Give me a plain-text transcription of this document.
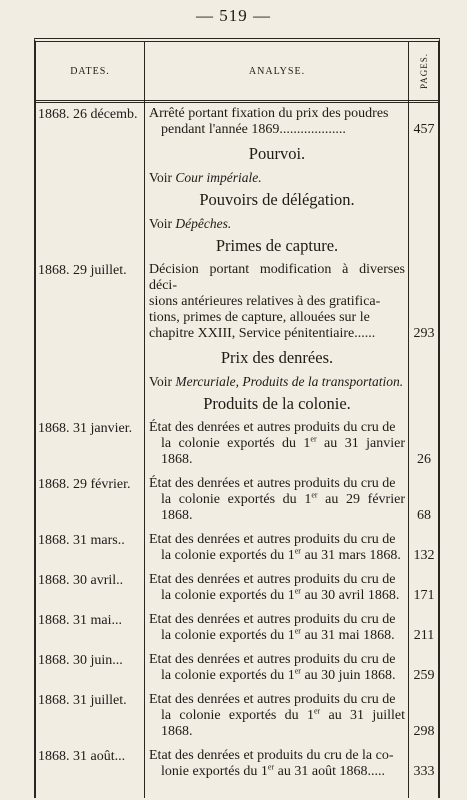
— 519 —
DATES.	ANALYSE.	PAGES.
1868. 26 décemb. Arrêté portant fixation du prix des poudres
pendant l'année 1869...................	457
Pourvoi.
Voir Cour impériale.
Pouvoirs de délégation.
Voir Dépêches.
Primes de capture.
1868. 29 juillet.	Décision portant modification à diverses déci-
sions antérieures relatives à des gratifica-
tions, primes de capture, allouées sur le
chapitre XXIII, Service pénitentiaire......	293
Prix des denrées.
Voir Mercuriale, Produits de la transportation.
Produits de la colonie.
1868. 31 janvier.	État des denrées et autres produits du cru de
la colonie exportés du 1er au 31 janvier 1868.	26
1868. 29 février.	État des denrées et autres produits du cru de
la colonie exportés du 1er au 29 février 1868.	68
1868. 31 mars..	Etat des denrées et autres produits du cru de
la colonie exportés du 1er au 31 mars 1868. 132
1868. 30 avril..	Etat des denrées et autres produits du cru de
la colonie exportés du 1er au 30 avril 1868.	171
1868. 31 mai...	Etat des denrées et autres produits du cru de
la colonie exportés du 1er au 31 mai 1868.	211
1868. 30 juin...	Etat des denrées et autres produits du cru de
la colonie exportés du 1er au 30 juin 1868.	259
1868. 31 juillet.	Etat des denrées et autres produits du cru de
la colonie exportés du 1er au 31 juillet 1868.	298
1868. 31 août...	Etat des denrées et produits du cru de la co-
lonie exportés du 1er au 31 août 1868.....	333
